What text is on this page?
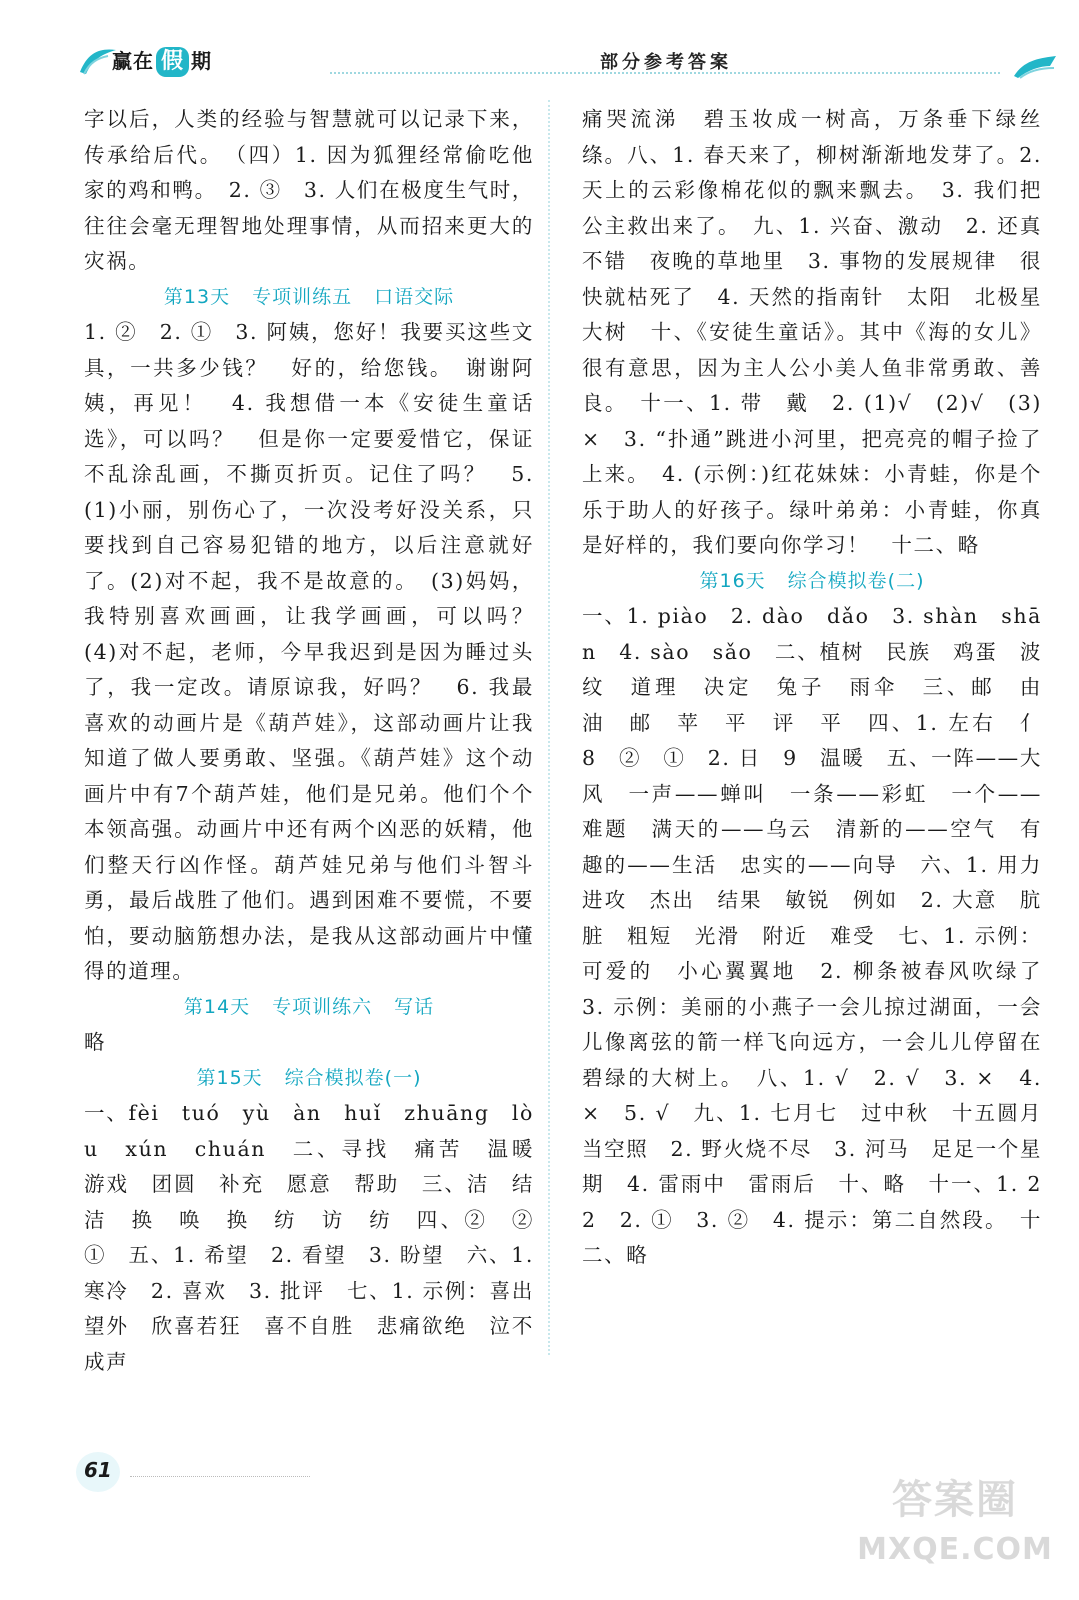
赢在 假 期	部分参考答案

字以后，人类的经验与智慧就可以记录下来，传承给后代。　（四）1. 因为狐狸经常偷吃他家的鸡和鸭。　2. ③　3. 人们在极度生气时，往往会毫无理智地处理事情，从而招来更大的灾祸。

第13天 专项训练五 口语交际

1. ②　2. ①　3. 阿姨，您好！我要买这些文具，一共多少钱？　好的，给您钱。　谢谢阿姨，再见！　4. 我想借一本《安徒生童话选》，可以吗？　但是你一定要爱惜它，保证不乱涂乱画，不撕页折页。记住了吗？　5. (1)小丽，别伤心了，一次没考好没关系，只要找到自己容易犯错的地方，以后注意就好了。(2)对不起，我不是故意的。　(3)妈妈，我特别喜欢画画，让我学画画，可以吗？　(4)对不起，老师，今早我迟到是因为睡过头了，我一定改。请原谅我，好吗？　6. 我最喜欢的动画片是《葫芦娃》，这部动画片让我知道了做人要勇敢、坚强。《葫芦娃》这个动画片中有7个葫芦娃，他们是兄弟。他们个个本领高强。动画片中还有两个凶恶的妖精，他们整天行凶作怪。葫芦娃兄弟与他们斗智斗勇，最后战胜了他们。遇到困难不要慌，不要怕，要动脑筋想办法，是我从这部动画片中懂得的道理。

第14天 专项训练六 写话

略

第15天 综合模拟卷(一)

一、fèi　tuó　yù　àn　huǐ　zhuāng　lòu　xún　chuán　二、寻找　痛苦　温暖　游戏　团圆　补充　愿意　帮助　三、洁　结　洁　换　唤　换　纺　访　纺　四、②　②　①　五、1. 希望　2. 看望　3. 盼望　六、1. 寒冷　2. 喜欢　3. 批评　七、1. 示例：喜出望外　欣喜若狂　喜不自胜　悲痛欲绝　泣不成声

痛哭流涕　碧玉妆成一树高，万条垂下绿丝绦。八、1. 春天来了，柳树渐渐地发芽了。2. 天上的云彩像棉花似的飘来飘去。　3. 我们把公主救出来了。　九、1. 兴奋、激动　2. 还真不错　夜晚的草地里　3. 事物的发展规律　很快就枯死了　4. 天然的指南针　太阳　北极星　大树　十、《安徒生童话》。其中《海的女儿》很有意思，因为主人公小美人鱼非常勇敢、善良。　十一、1. 带　戴　2. (1)√　(2)√　(3)×　3. “扑通”跳进小河里，把亮亮的帽子捡了上来。　4. (示例：)红花妹妹：小青蛙，你是个乐于助人的好孩子。绿叶弟弟：小青蛙，你真是好样的，我们要向你学习！　十二、略

第16天 综合模拟卷(二)

一、1. piào　2. dào　dǎo　3. shàn　shān　4. sào　sǎo　二、植树　民族　鸡蛋　波纹　道理　决定　兔子　雨伞　三、邮　由　油　邮　苹　平　评　平　四、1. 左右　亻　8　②　①　2. 日　9　温暖　五、一阵——大风　一声——蝉叫　一条——彩虹　一个——难题　满天的——乌云　清新的——空气　有趣的——生活　忠实的——向导　六、1. 用力　进攻　杰出　结果　敏锐　例如　2. 大意　肮脏　粗短　光滑　附近　难受　七、1. 示例：可爱的　小心翼翼地　2. 柳条被春风吹绿了　3. 示例：美丽的小燕子一会儿掠过湖面，一会儿像离弦的箭一样飞向远方，一会儿儿停留在碧绿的大树上。　八、1. √　2. √　3. ×　4. ×　5. √　九、1. 七月七　过中秋　十五圆月当空照　2. 野火烧不尽　3. 河马　足足一个星期　4. 雷雨中　雷雨后　十、略　十一、1. 2　2　2. ①　3. ②　4. 提示：第二自然段。　十二、略

61
答案圈
MXQE.COM
